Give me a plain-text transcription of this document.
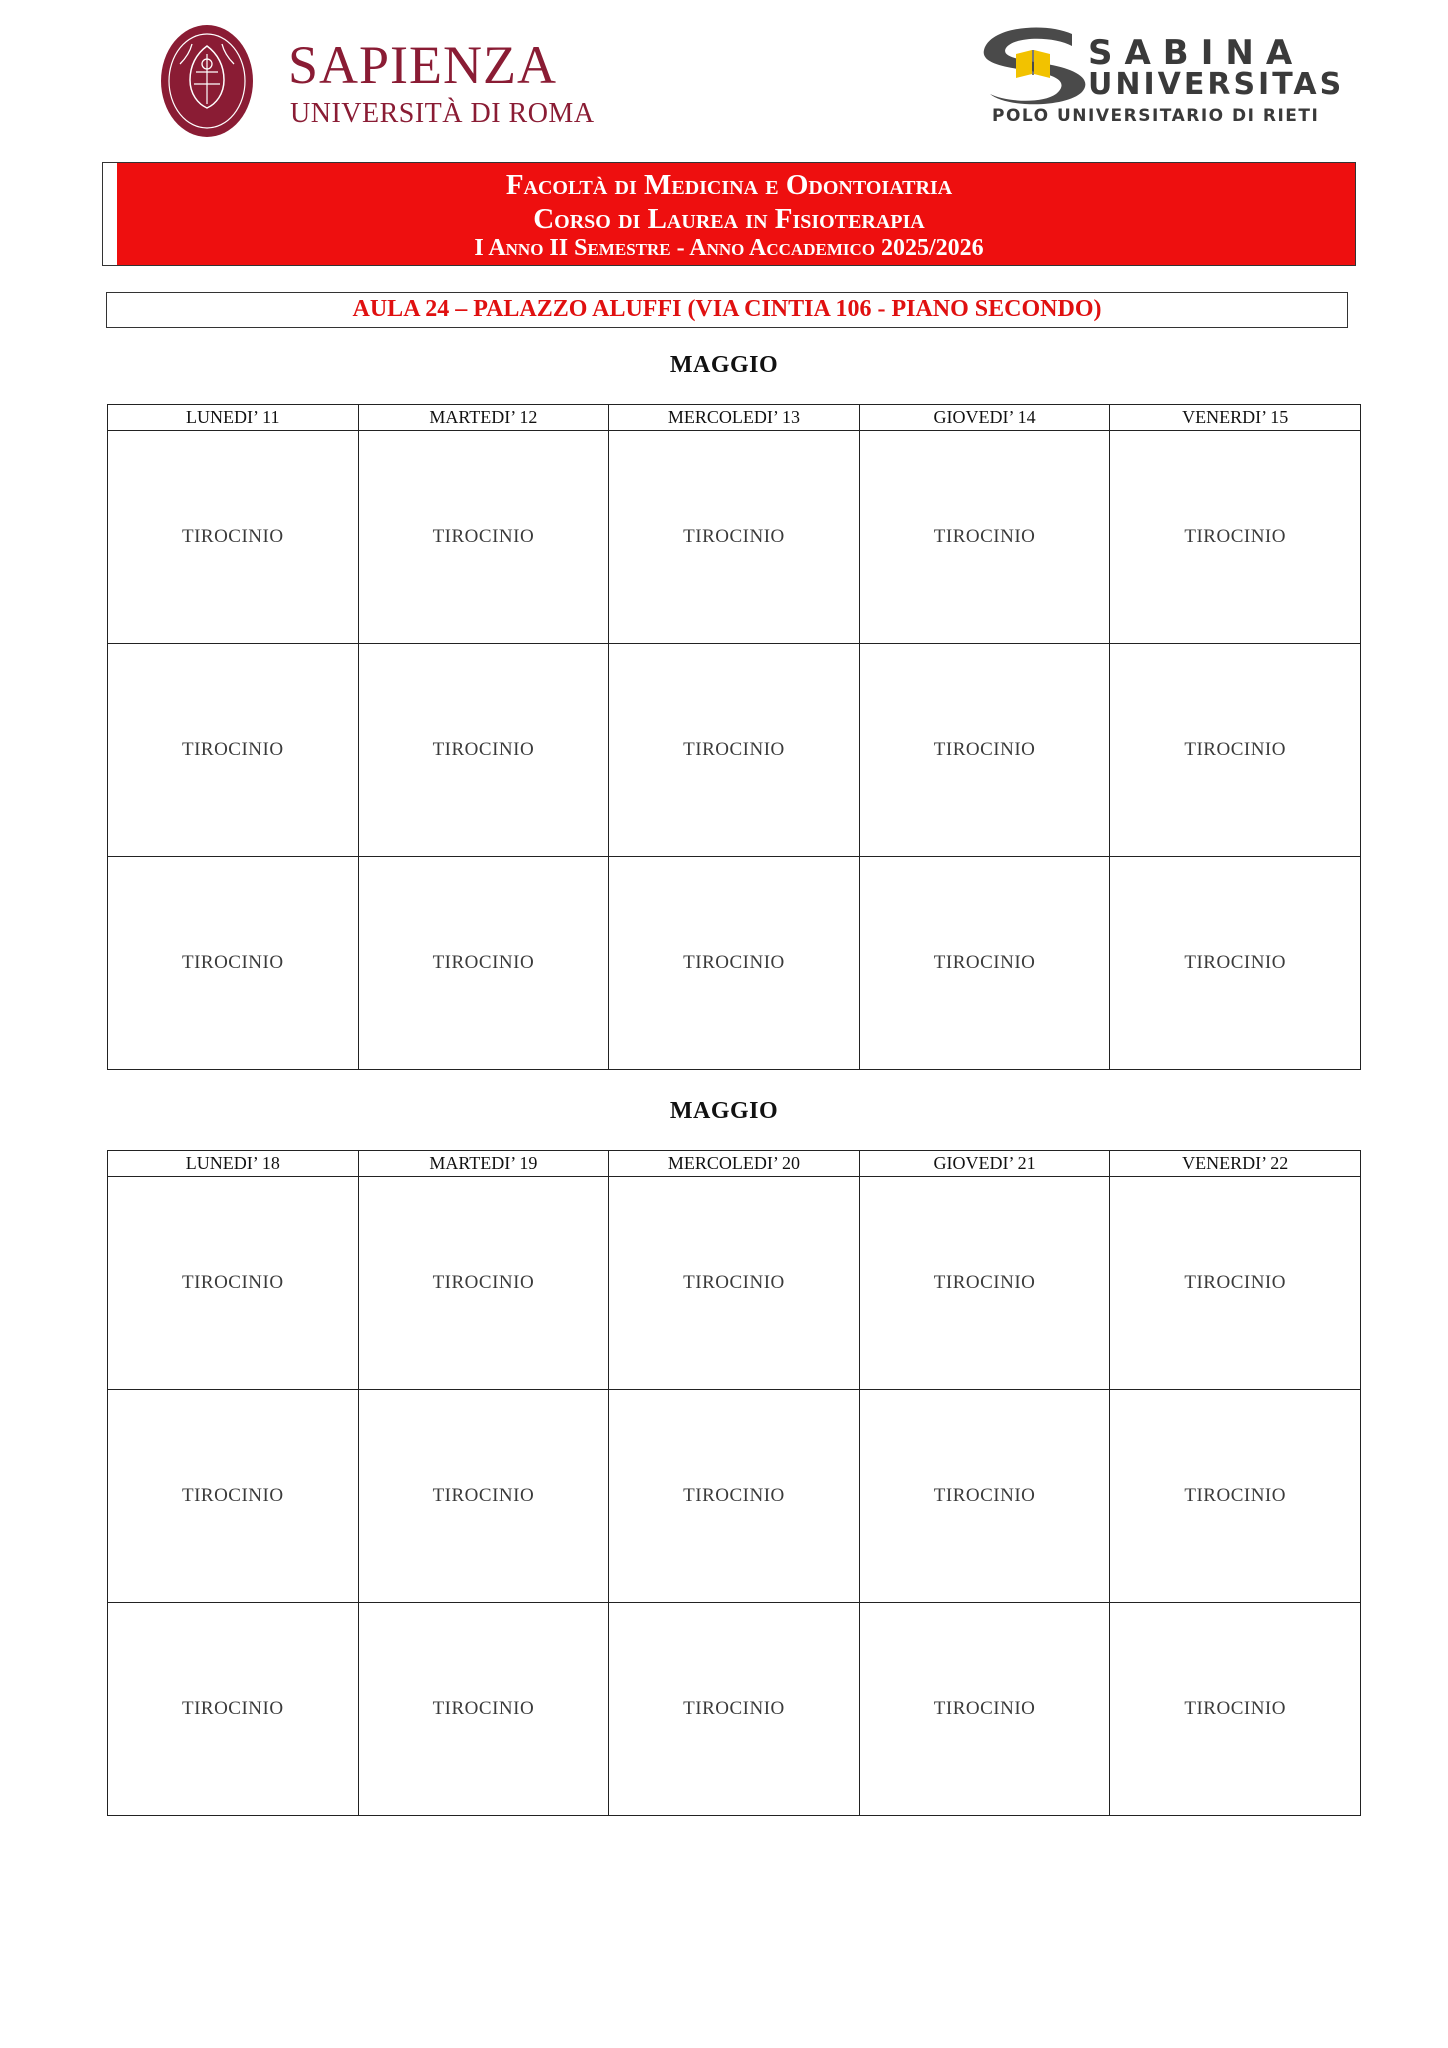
SAPIENZA
UNIVERSITÀ DI ROMA
SABINA
UNIVERSITAS
POLO UNIVERSITARIO DI RIETI
Facoltà di Medicina e Odontoiatria
Corso di Laurea in Fisioterapia
I Anno II Semestre - Anno Accademico 2025/2026
AULA 24 – PALAZZO ALUFFI (VIA CINTIA 106 - PIANO SECONDO)
MAGGIO
LUNEDI’ 11	MARTEDI’ 12	MERCOLEDI’ 13	GIOVEDI’ 14	VENERDI’ 15
TIROCINIO	TIROCINIO	TIROCINIO	TIROCINIO	TIROCINIO
TIROCINIO	TIROCINIO	TIROCINIO	TIROCINIO	TIROCINIO
TIROCINIO	TIROCINIO	TIROCINIO	TIROCINIO	TIROCINIO
MAGGIO
LUNEDI’ 18	MARTEDI’ 19	MERCOLEDI’ 20	GIOVEDI’ 21	VENERDI’ 22
TIROCINIO	TIROCINIO	TIROCINIO	TIROCINIO	TIROCINIO
TIROCINIO	TIROCINIO	TIROCINIO	TIROCINIO	TIROCINIO
TIROCINIO	TIROCINIO	TIROCINIO	TIROCINIO	TIROCINIO
